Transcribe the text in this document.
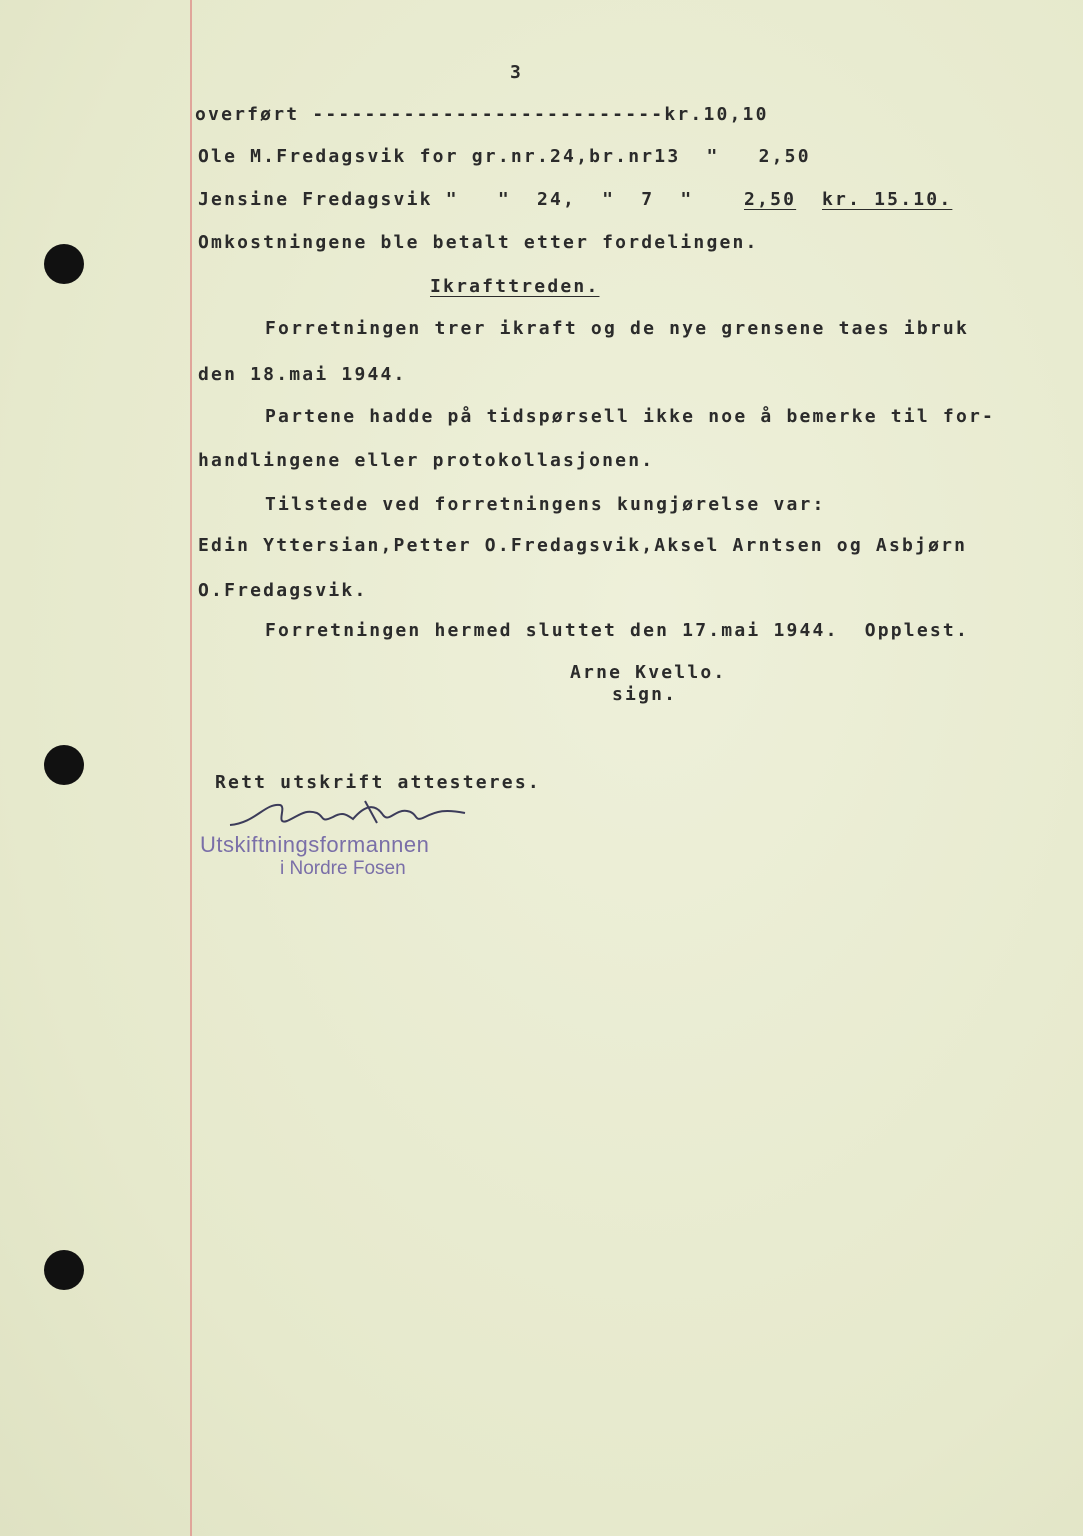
3
overført ---------------------------kr.10,10
Ole M.Fredagsvik for gr.nr.24,br.nr13  "   2,50
Jensine Fredagsvik "   "  24,  "  7  "	2,50 kr. 15.10.
Omkostningene ble betalt etter fordelingen.
Ikrafttreden.
Forretningen trer ikraft og de nye grensene taes ibruk
den 18.mai 1944.
Partene hadde på tidspørsell ikke noe å bemerke til for-
handlingene eller protokollasjonen.
Tilstede ved forretningens kungjørelse var:
Edin Yttersian,Petter O.Fredagsvik,Aksel Arntsen og Asbjørn
O.Fredagsvik.
Forretningen hermed sluttet den 17.mai 1944.  Opplest.
Arne Kvello.
sign.
Rett utskrift attesteres.
Utskiftningsformannen
i Nordre Fosen
